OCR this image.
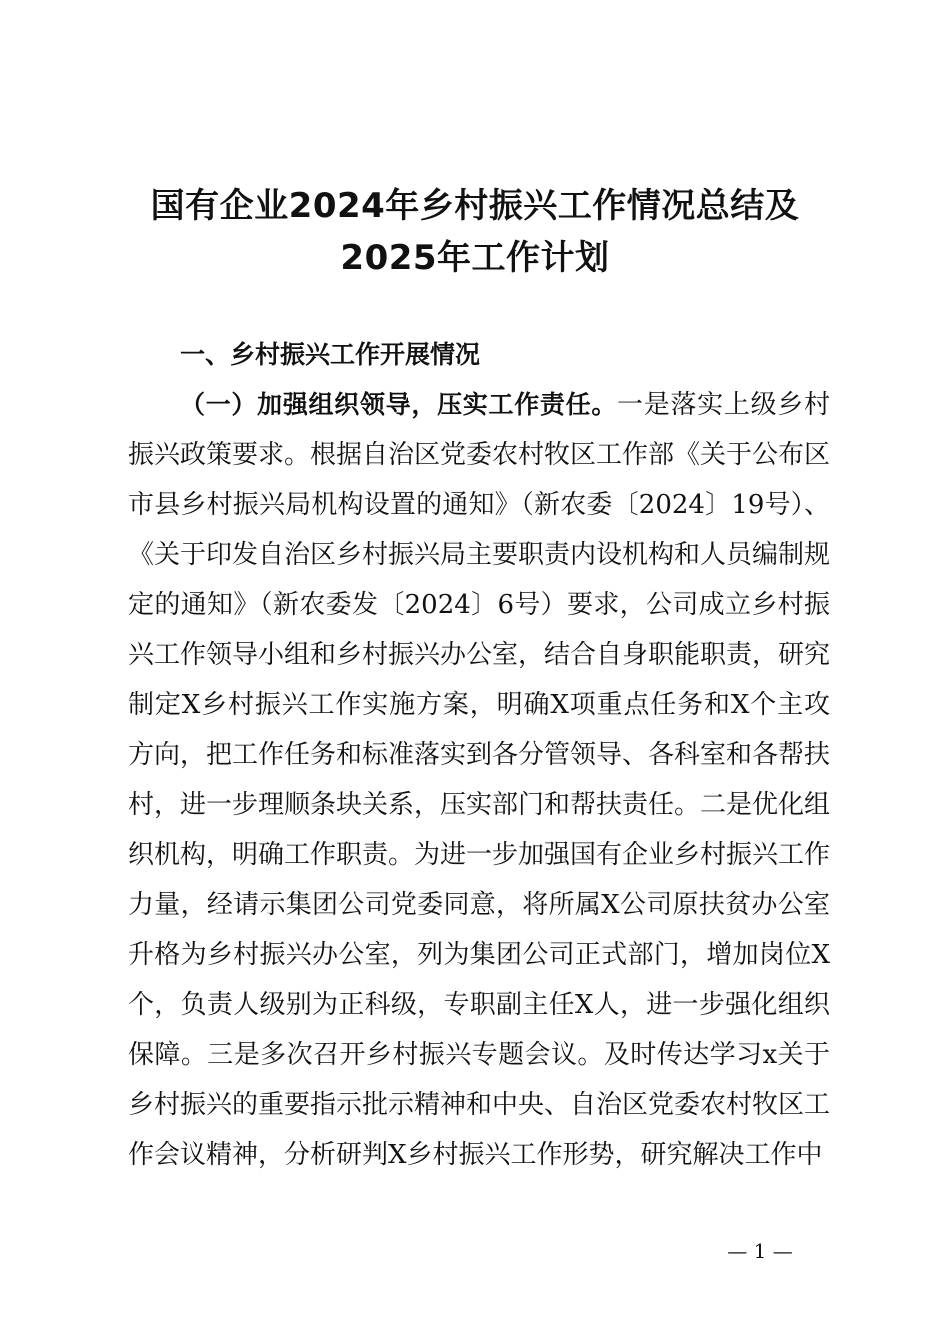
国有企业2024年乡村振兴工作情况总结及
2025年工作计划

一、乡村振兴工作开展情况

（一）加强组织领导，压实工作责任。一是落实上级乡村振兴政策要求。根据自治区党委农村牧区工作部《关于公布区市县乡村振兴局机构设置的通知》（新农委〔2024〕19号）、《关于印发自治区乡村振兴局主要职责内设机构和人员编制规定的通知》（新农委发〔2024〕6号）要求，公司成立乡村振兴工作领导小组和乡村振兴办公室，结合自身职能职责，研究制定X乡村振兴工作实施方案，明确X项重点任务和X个主攻方向，把工作任务和标准落实到各分管领导、各科室和各帮扶村，进一步理顺条块关系，压实部门和帮扶责任。二是优化组织机构，明确工作职责。为进一步加强国有企业乡村振兴工作力量，经请示集团公司党委同意，将所属X公司原扶贫办公室升格为乡村振兴办公室，列为集团公司正式部门，增加岗位X个，负责人级别为正科级，专职副主任X人，进一步强化组织保障。三是多次召开乡村振兴专题会议。及时传达学习x关于乡村振兴的重要指示批示精神和中央、自治区党委农村牧区工作会议精神，分析研判X乡村振兴工作形势，研究解决工作中

— 1 —
